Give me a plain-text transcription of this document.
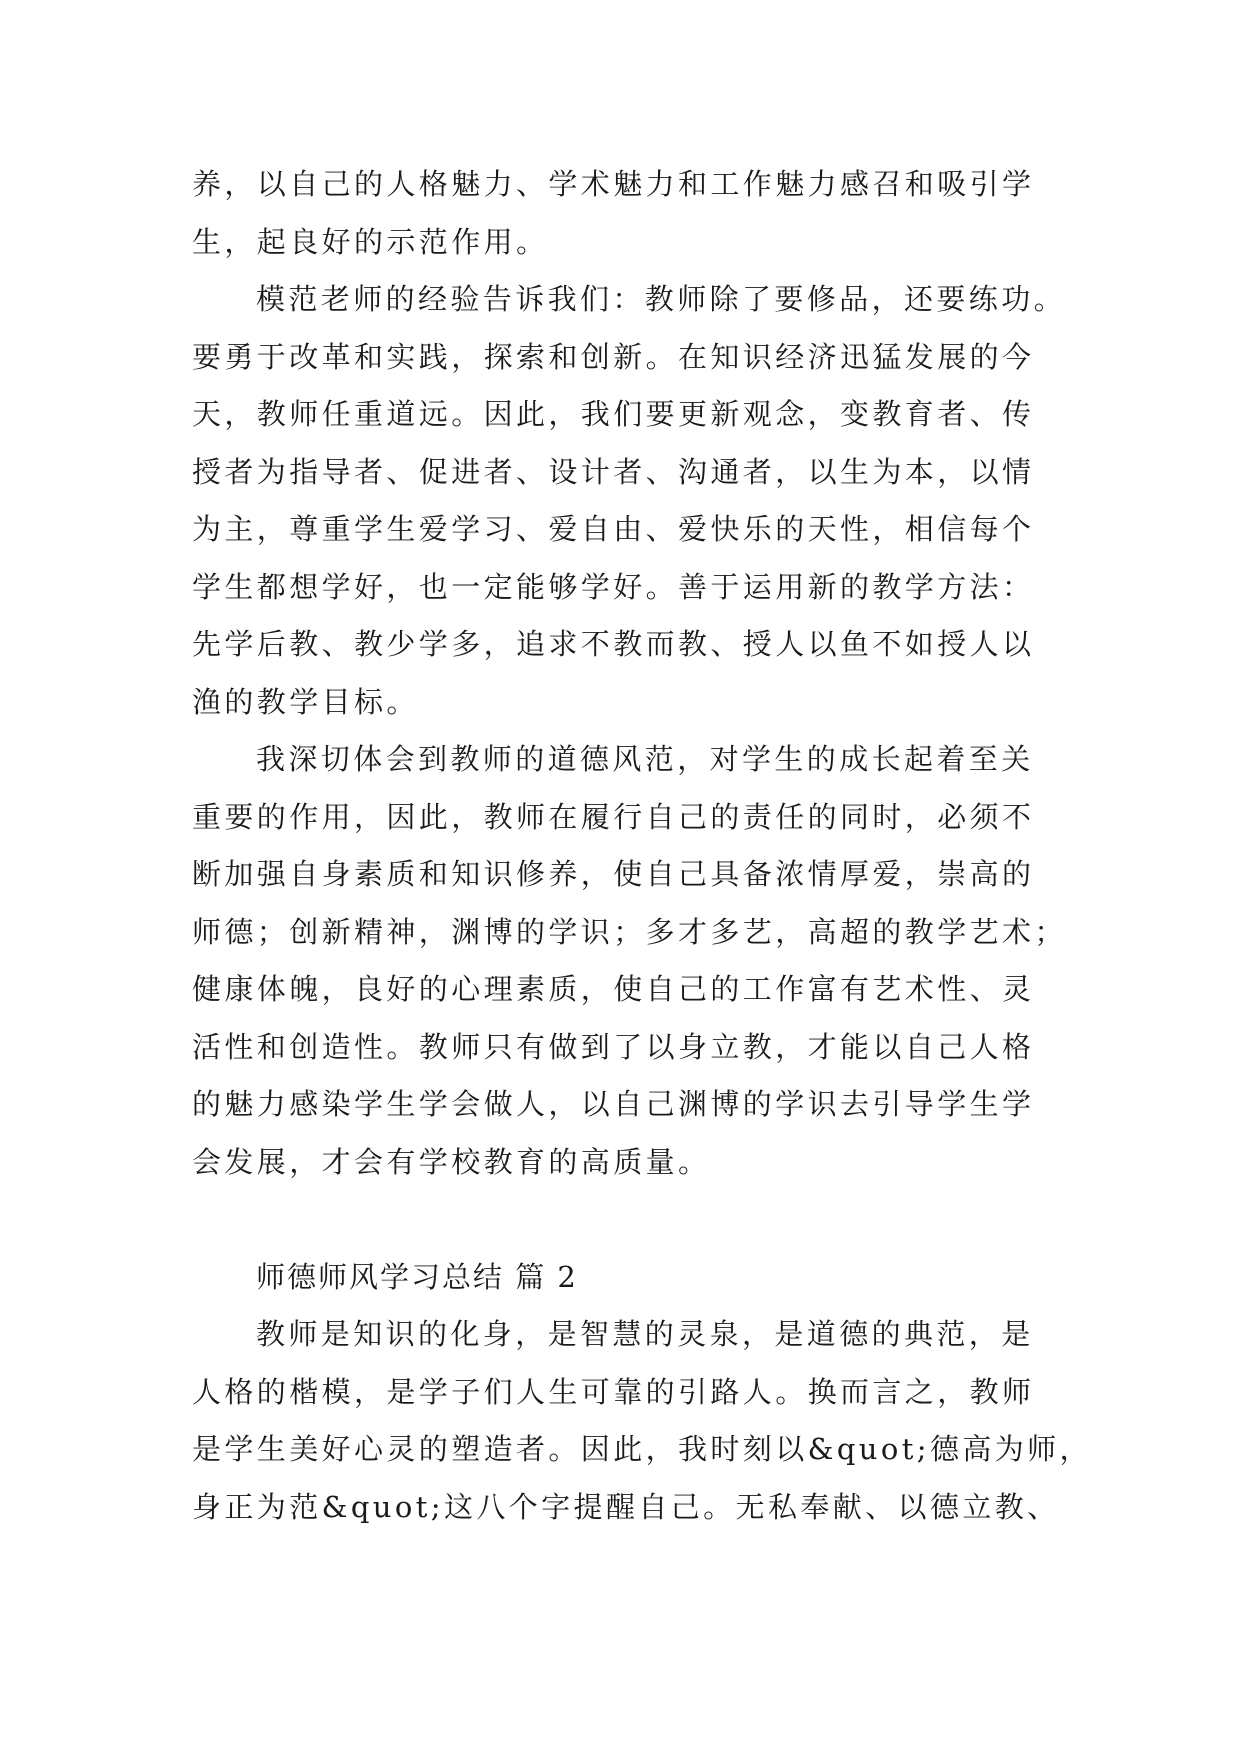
养，以自己的人格魅力、学术魅力和工作魅力感召和吸引学
生，起良好的示范作用。
模范老师的经验告诉我们：教师除了要修品，还要练功。
要勇于改革和实践，探索和创新。在知识经济迅猛发展的今
天，教师任重道远。因此，我们要更新观念，变教育者、传
授者为指导者、促进者、设计者、沟通者，以生为本，以情
为主，尊重学生爱学习、爱自由、爱快乐的天性，相信每个
学生都想学好，也一定能够学好。善于运用新的教学方法：
先学后教、教少学多，追求不教而教、授人以鱼不如授人以
渔的教学目标。
我深切体会到教师的道德风范，对学生的成长起着至关
重要的作用，因此，教师在履行自己的责任的同时，必须不
断加强自身素质和知识修养，使自己具备浓情厚爱，崇高的
师德；创新精神，渊博的学识；多才多艺，高超的教学艺术；
健康体魄，良好的心理素质，使自己的工作富有艺术性、灵
活性和创造性。教师只有做到了以身立教，才能以自己人格
的魅力感染学生学会做人，以自己渊博的学识去引导学生学
会发展，才会有学校教育的高质量。
师德师风学习总结 篇 2
教师是知识的化身，是智慧的灵泉，是道德的典范，是
人格的楷模，是学子们人生可靠的引路人。换而言之，教师
是学生美好心灵的塑造者。因此，我时刻以&quot;德高为师，
身正为范&quot;这八个字提醒自己。无私奉献、以德立教、
